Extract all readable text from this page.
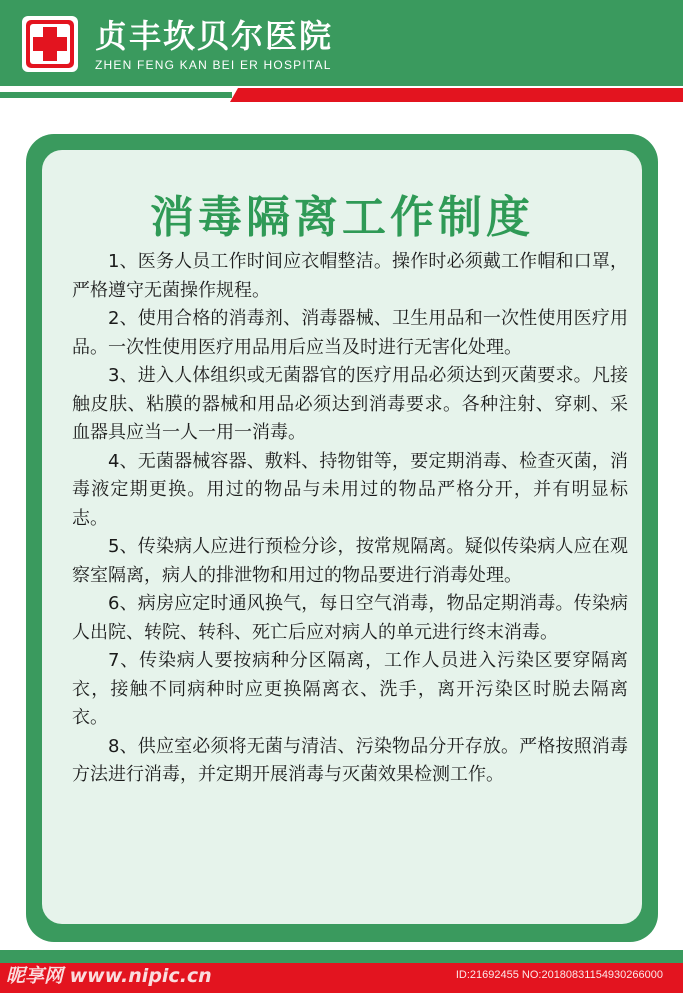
贞丰坎贝尔医院
ZHEN FENG KAN BEI ER HOSPITAL
消毒隔离工作制度

1、医务人员工作时间应衣帽整洁。操作时必须戴工作帽和口罩，严格遵守无菌操作规程。

2、使用合格的消毒剂、消毒器械、卫生用品和一次性使用医疗用品。一次性使用医疗用品用后应当及时进行无害化处理。

3、进入人体组织或无菌器官的医疗用品必须达到灭菌要求。凡接触皮肤、粘膜的器械和用品必须达到消毒要求。各种注射、穿刺、采血器具应当一人一用一消毒。

4、无菌器械容器、敷料、持物钳等，要定期消毒、检查灭菌，消毒液定期更换。用过的物品与未用过的物品严格分开，并有明显标志。

5、传染病人应进行预检分诊，按常规隔离。疑似传染病人应在观察室隔离，病人的排泄物和用过的物品要进行消毒处理。

6、病房应定时通风换气，每日空气消毒，物品定期消毒。传染病人出院、转院、转科、死亡后应对病人的单元进行终末消毒。

7、传染病人要按病种分区隔离，工作人员进入污染区要穿隔离衣，接触不同病种时应更换隔离衣、洗手，离开污染区时脱去隔离衣。

8、供应室必须将无菌与清洁、污染物品分开存放。严格按照消毒方法进行消毒，并定期开展消毒与灭菌效果检测工作。

昵享网 www.nipic.cn	ID:21692455 NO:20180831154930266000
